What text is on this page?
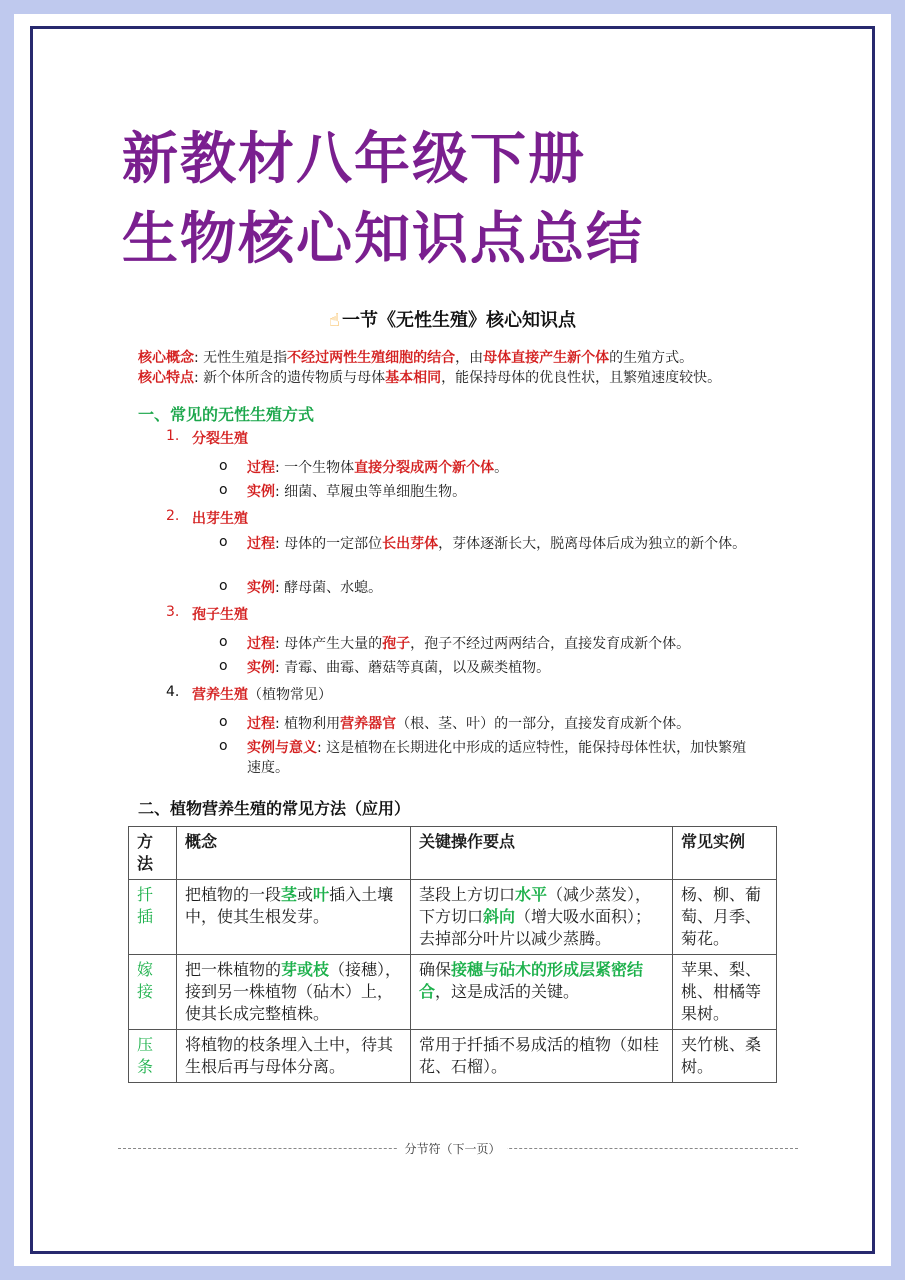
新教材八年级下册
生物核心知识点总结
☝ 一节《无性生殖》核心知识点
核心概念: 无性生殖是指不经过两性生殖细胞的结合，由母体直接产生新个体的生殖方式。
核心特点: 新个体所含的遗传物质与母体基本相同，能保持母体的优良性状，且繁殖速度较快。
一、常见的无性生殖方式
1. 分裂生殖
o 过程: 一个生物体直接分裂成两个新个体。
o 实例: 细菌、草履虫等单细胞生物。
2. 出芽生殖
o 过程: 母体的一定部位长出芽体，芽体逐渐长大，脱离母体后成为独立的新个体。
o 实例: 酵母菌、水螅。
3. 孢子生殖
o 过程: 母体产生大量的孢子，孢子不经过两两结合，直接发育成新个体。
o 实例: 青霉、曲霉、蘑菇等真菌，以及蕨类植物。
4. 营养生殖（植物常见）
o 过程: 植物利用营养器官（根、茎、叶）的一部分，直接发育成新个体。
o 实例与意义: 这是植物在长期进化中形成的适应特性，能保持母体性状，加快繁殖速度。
二、植物营养生殖的常见方法（应用）
方法	概念	关键操作要点	常见实例
扦插	把植物的一段茎或叶插入土壤中，使其生根发芽。	茎段上方切口水平（减少蒸发），下方切口斜向（增大吸水面积）；去掉部分叶片以减少蒸腾。	杨、柳、葡萄、月季、菊花。
嫁接	把一株植物的芽或枝（接穗），接到另一株植物（砧木）上，使其长成完整植株。	确保接穗与砧木的形成层紧密结合，这是成活的关键。	苹果、梨、桃、柑橘等果树。
压条	将植物的枝条埋入土中，待其生根后再与母体分离。	常用于扦插不易成活的植物（如桂花、石榴）。	夹竹桃、桑树。
分节符（下一页）
